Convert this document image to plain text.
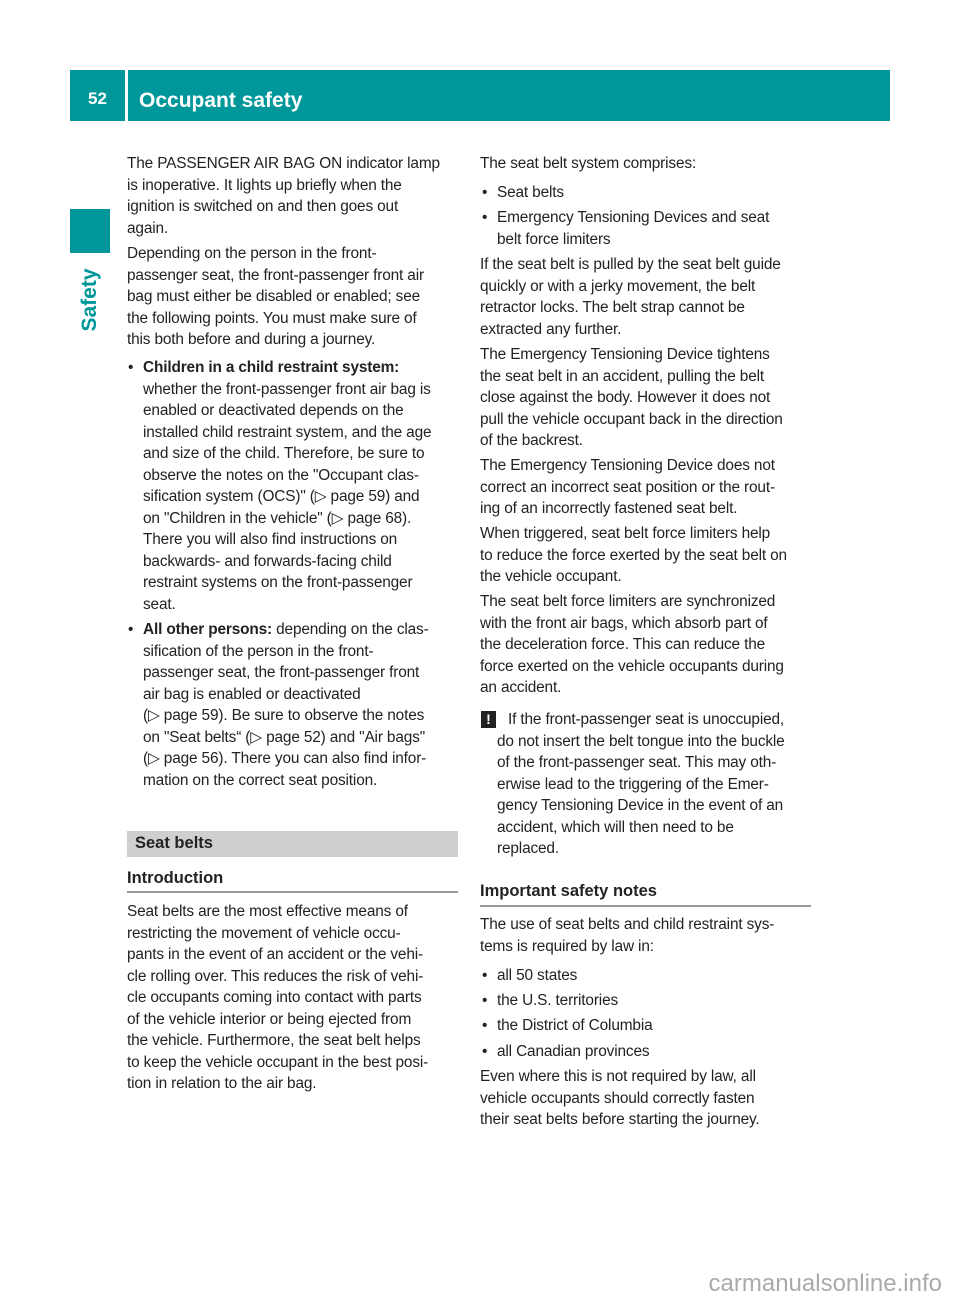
52	Occupant safety
Safety
The PASSENGER AIR BAG ON indicator lamp
is inoperative. It lights up briefly when the
ignition is switched on and then goes out
again.
Depending on the person in the front-
passenger seat, the front-passenger front air
bag must either be disabled or enabled; see
the following points. You must make sure of
this both before and during a journey.
• Children in a child restraint system:
whether the front-passenger front air bag is
enabled or deactivated depends on the
installed child restraint system, and the age
and size of the child. Therefore, be sure to
observe the notes on the "Occupant clas-
sification system (OCS)" (▷ page 59) and
on "Children in the vehicle" (▷ page 68).
There you will also find instructions on
backwards- and forwards-facing child
restraint systems on the front-passenger
seat.
• All other persons: depending on the clas-
sification of the person in the front-
passenger seat, the front-passenger front
air bag is enabled or deactivated
(▷ page 59). Be sure to observe the notes
on "Seat belts“ (▷ page 52) and "Air bags"
(▷ page 56). There you can also find infor-
mation on the correct seat position.
Seat belts
Introduction
Seat belts are the most effective means of
restricting the movement of vehicle occu-
pants in the event of an accident or the vehi-
cle rolling over. This reduces the risk of vehi-
cle occupants coming into contact with parts
of the vehicle interior or being ejected from
the vehicle. Furthermore, the seat belt helps
to keep the vehicle occupant in the best posi-
tion in relation to the air bag.
The seat belt system comprises:
• Seat belts
• Emergency Tensioning Devices and seat
belt force limiters
If the seat belt is pulled by the seat belt guide
quickly or with a jerky movement, the belt
retractor locks. The belt strap cannot be
extracted any further.
The Emergency Tensioning Device tightens
the seat belt in an accident, pulling the belt
close against the body. However it does not
pull the vehicle occupant back in the direction
of the backrest.
The Emergency Tensioning Device does not
correct an incorrect seat position or the rout-
ing of an incorrectly fastened seat belt.
When triggered, seat belt force limiters help
to reduce the force exerted by the seat belt on
the vehicle occupant.
The seat belt force limiters are synchronized
with the front air bags, which absorb part of
the deceleration force. This can reduce the
force exerted on the vehicle occupants during
an accident.
!	If the front-passenger seat is unoccupied,
do not insert the belt tongue into the buckle
of the front-passenger seat. This may oth-
erwise lead to the triggering of the Emer-
gency Tensioning Device in the event of an
accident, which will then need to be
replaced.
Important safety notes
The use of seat belts and child restraint sys-
tems is required by law in:
• all 50 states
• the U.S. territories
• the District of Columbia
• all Canadian provinces
Even where this is not required by law, all
vehicle occupants should correctly fasten
their seat belts before starting the journey.
carmanualsonline.info
